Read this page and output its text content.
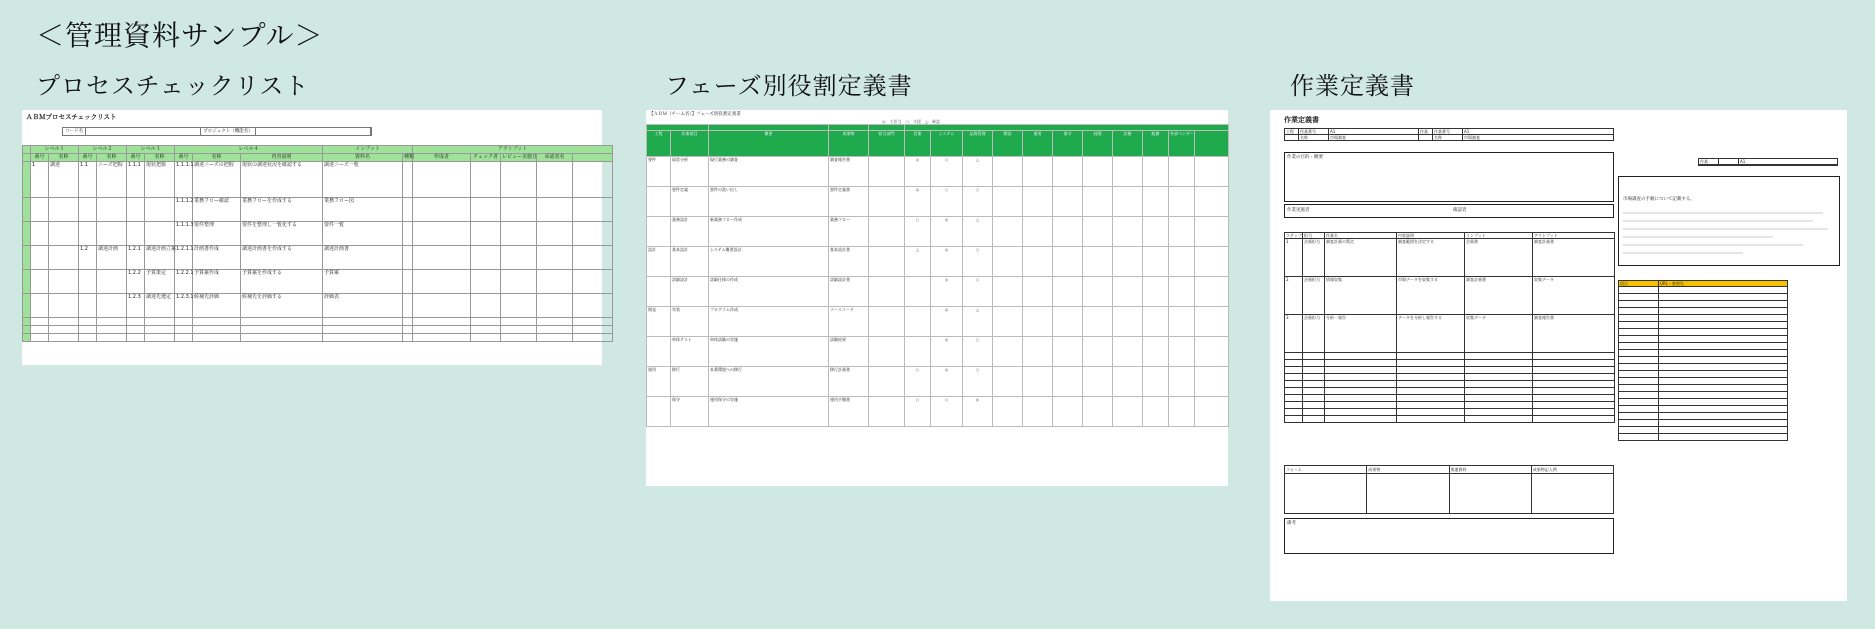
＜管理資料サンプル＞
プロセスチェックリスト	フェーズ別役割定義書	作業定義書
ＡＢＭプロセスチェックリスト
コード名	プロジェクト（機能名）
	レベル１		レベル２		レベル３		レベル４			インプット		アウトプット				
	番号	名称	番号	名称	番号	名称	番号	名称	内容説明	資料名	種類	作成者	チェック者	レビュー実施日	承認者名	
	1	調達	1.1	ニーズ把握	1.1.1	現状把握	1.1.1.1	調達ニーズの把握	現状の調達状況を確認する	調達ニーズ一覧						
							1.1.1.2	業務フロー確認	業務フローを作成する	業務フロー図						
							1.1.1.3	要件整理	要件を整理し一覧化する	要件一覧						
			1.2	調達計画	1.2.1	調達計画立案	1.2.1.1	計画書作成	調達計画書を作成する	調達計画書						
					1.2.2	予算策定	1.2.2.1	予算案作成	予算案を作成する	予算案						
					1.2.3	調達先選定	1.2.3.1	候補先評価	候補先を評価する	評価表						

【ＡＢＭ（チーム名）】フェーズ別役割定義書
◎：主担当　○：支援　△：確認

工程	作業項目	概要	成果物	担当部門	営業	システム	品質管理	開発	運用	保守	経理	法務	総務	外部ベンダー	
要件	現状分析	現行業務の調査	調査報告書		◎	○	△								
	要件定義	要件の洗い出し	要件定義書		◎	○	○								
	業務設計	新業務フロー作成	業務フロー		○	◎	△								
設計	基本設計	システム概要設計	基本設計書		△	◎	○								
	詳細設計	詳細仕様の作成	詳細設計書			◎	○								
開発	実装	プログラム作成	ソースコード			◎	△								
	単体テスト	単体試験の実施	試験結果			◎	○								
運用	移行	本番環境への移行	移行計画書		○	◎	○								
	保守	運用保守の実施	運用手順書		○	○	◎								
作業定義書
工程	作業番号	A1	作業	作業番号	A1
	名称	市場調査		名称	市場調査
作業の目的・概要
作業実施者	確認者
ステップ	担当	作業名	内容説明	インプット	アウトプット
1	企画担当	調査計画の策定	調査範囲を決定する	企画書	調査計画書
2	企画担当	情報収集	市場データを収集する	調査計画書	収集データ
3	企画担当	分析・報告	データを分析し報告する	収集データ	調査報告書

フォーム	成果物	関連資料	成果物記入例

備考
作業		A1

市場調査の手順について記載する。
項目	URL・参照先
